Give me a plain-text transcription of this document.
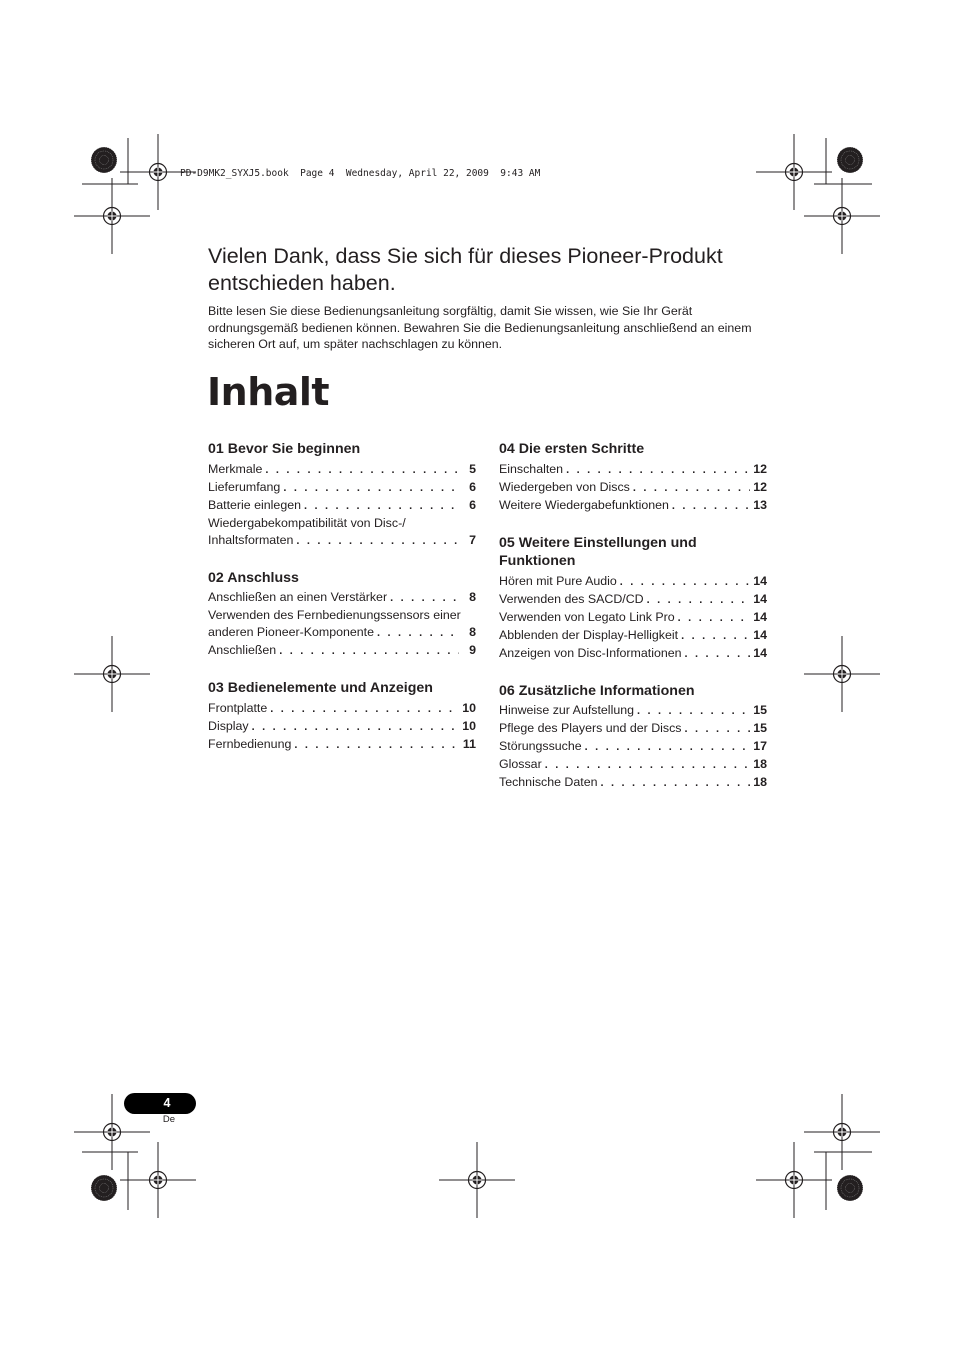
PD-D9MK2_SYXJ5.book  Page 4  Wednesday, April 22, 2009  9:43 AM
Vielen Dank, dass Sie sich für dieses Pioneer-Produkt entschieden haben.

Bitte lesen Sie diese Bedienungsanleitung sorgfältig, damit Sie wissen, wie Sie Ihr Gerät ordnungsgemäß bedienen können. Bewahren Sie die Bedienungsanleitung anschließend an einem sicheren Ort auf, um später nachschlagen zu können.

Inhalt
01 Bevor Sie beginnen
Merkmale . . .	5
Lieferumfang . . .	6
Batterie einlegen . . .	6
Wiedergabekompatibilität von Disc-/
Inhaltsformaten . . .	7
02 Anschluss
Anschließen an einen Verstärker . . .	8
Verwenden des Fernbedienungssensors einer
anderen Pioneer-Komponente . . .	8
Anschließen . . .	9
03 Bedienelemente und Anzeigen
Frontplatte . . .	10
Display . . .	10
Fernbedienung . . .	11
04 Die ersten Schritte
Einschalten . . .	12
Wiedergeben von Discs . . .	12
Weitere Wiedergabefunktionen . . .	13
05 Weitere Einstellungen und Funktionen
Hören mit Pure Audio . . .	14
Verwenden des SACD/CD . . .	14
Verwenden von Legato Link Pro . . .	14
Abblenden der Display-Helligkeit . . .	14
Anzeigen von Disc-Informationen . . .	14
06 Zusätzliche Informationen
Hinweise zur Aufstellung . . .	15
Pflege des Players und der Discs . . .	15
Störungssuche . . .	17
Glossar . . .	18
Technische Daten . . .	18
4
De
